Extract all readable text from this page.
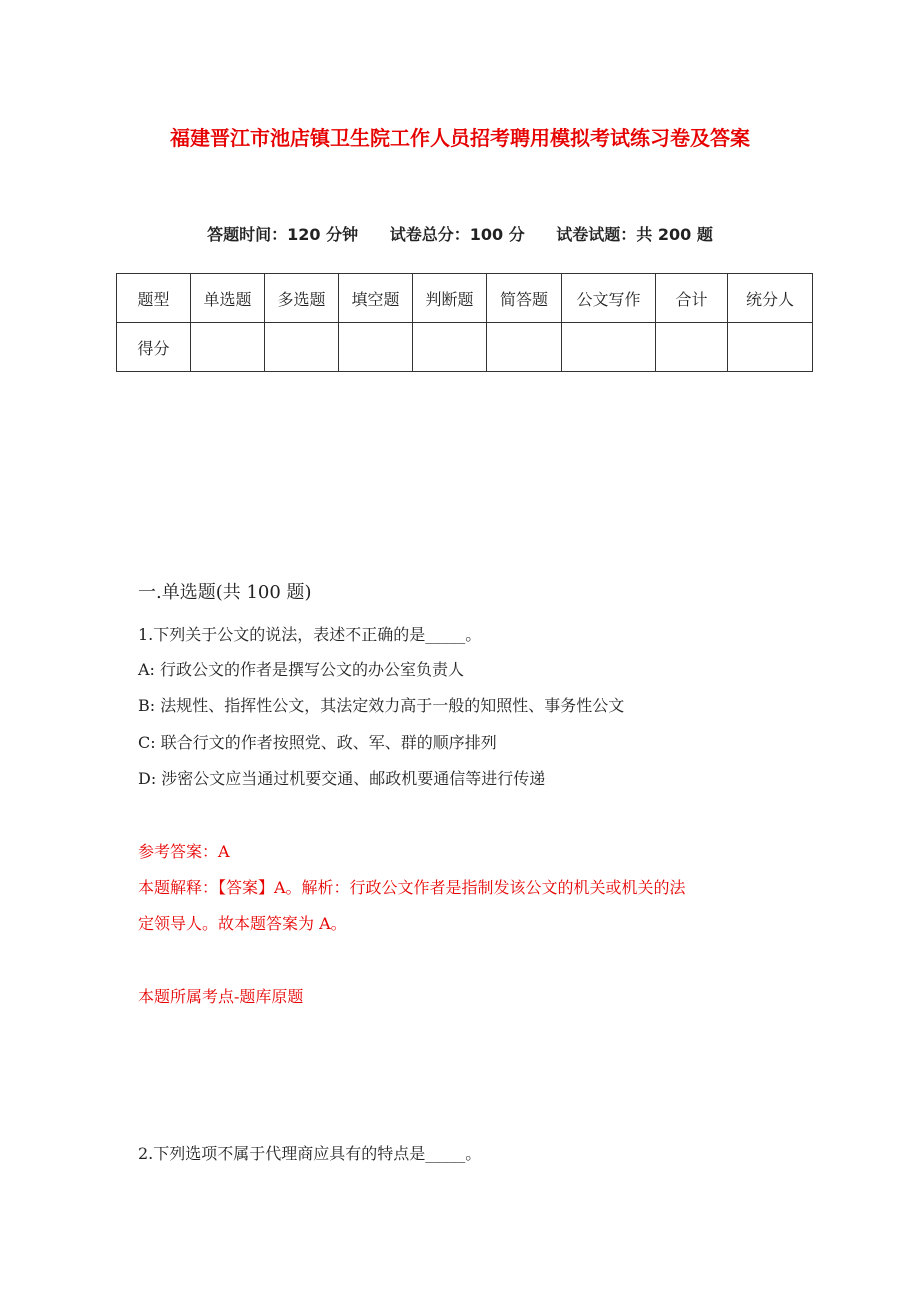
福建晋江市池店镇卫生院工作人员招考聘用模拟考试练习卷及答案
答题时间：120 分钟 试卷总分：100 分 试卷试题：共 200 题
题型	单选题	多选题	填空题	判断题	简答题	公文写作	合计	统分人
得分								
一.单选题(共 100 题)
1.下列关于公文的说法，表述不正确的是_____。
A: 行政公文的作者是撰写公文的办公室负责人
B: 法规性、指挥性公文，其法定效力高于一般的知照性、事务性公文
C: 联合行文的作者按照党、政、军、群的顺序排列
D: 涉密公文应当通过机要交通、邮政机要通信等进行传递
参考答案：A
本题解释：【答案】A。解析：行政公文作者是指制发该公文的机关或机关的法
定领导人。故本题答案为 A。
本题所属考点-题库原题
2.下列选项不属于代理商应具有的特点是_____。
